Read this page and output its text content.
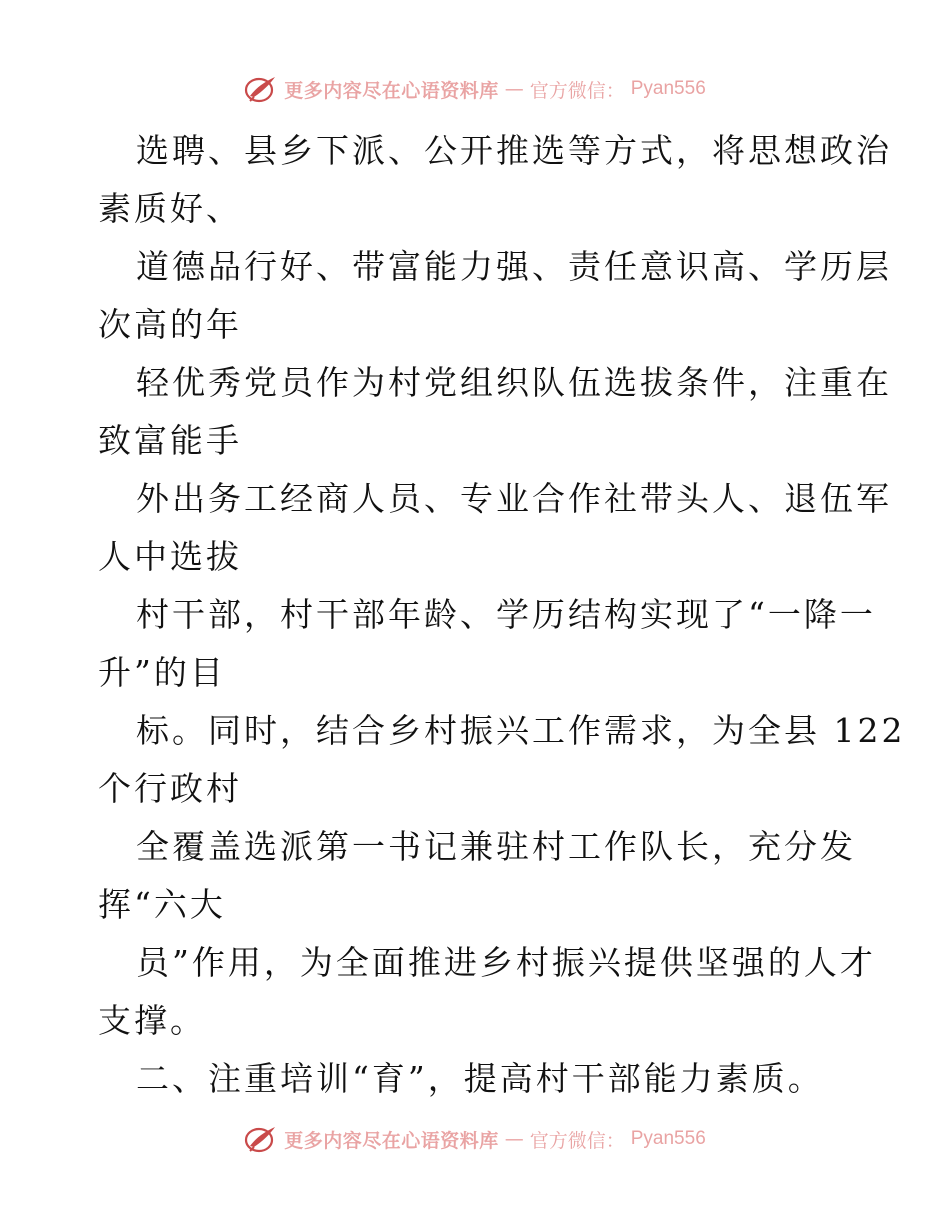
更多内容尽在心语资料库 — 官方微信： Pyan556
选聘、县乡下派、公开推选等方式，将思想政治
素质好、
道德品行好、带富能力强、责任意识高、学历层
次高的年
轻优秀党员作为村党组织队伍选拔条件，注重在
致富能手
外出务工经商人员、专业合作社带头人、退伍军
人中选拔
村干部，村干部年龄、学历结构实现了“一降一
升”的目
标。同时，结合乡村振兴工作需求，为全县 122
个行政村
全覆盖选派第一书记兼驻村工作队长，充分发
挥“六大
员”作用，为全面推进乡村振兴提供坚强的人才
支撑。
二、注重培训“育”，提高村干部能力素质。
更多内容尽在心语资料库 — 官方微信： Pyan556
